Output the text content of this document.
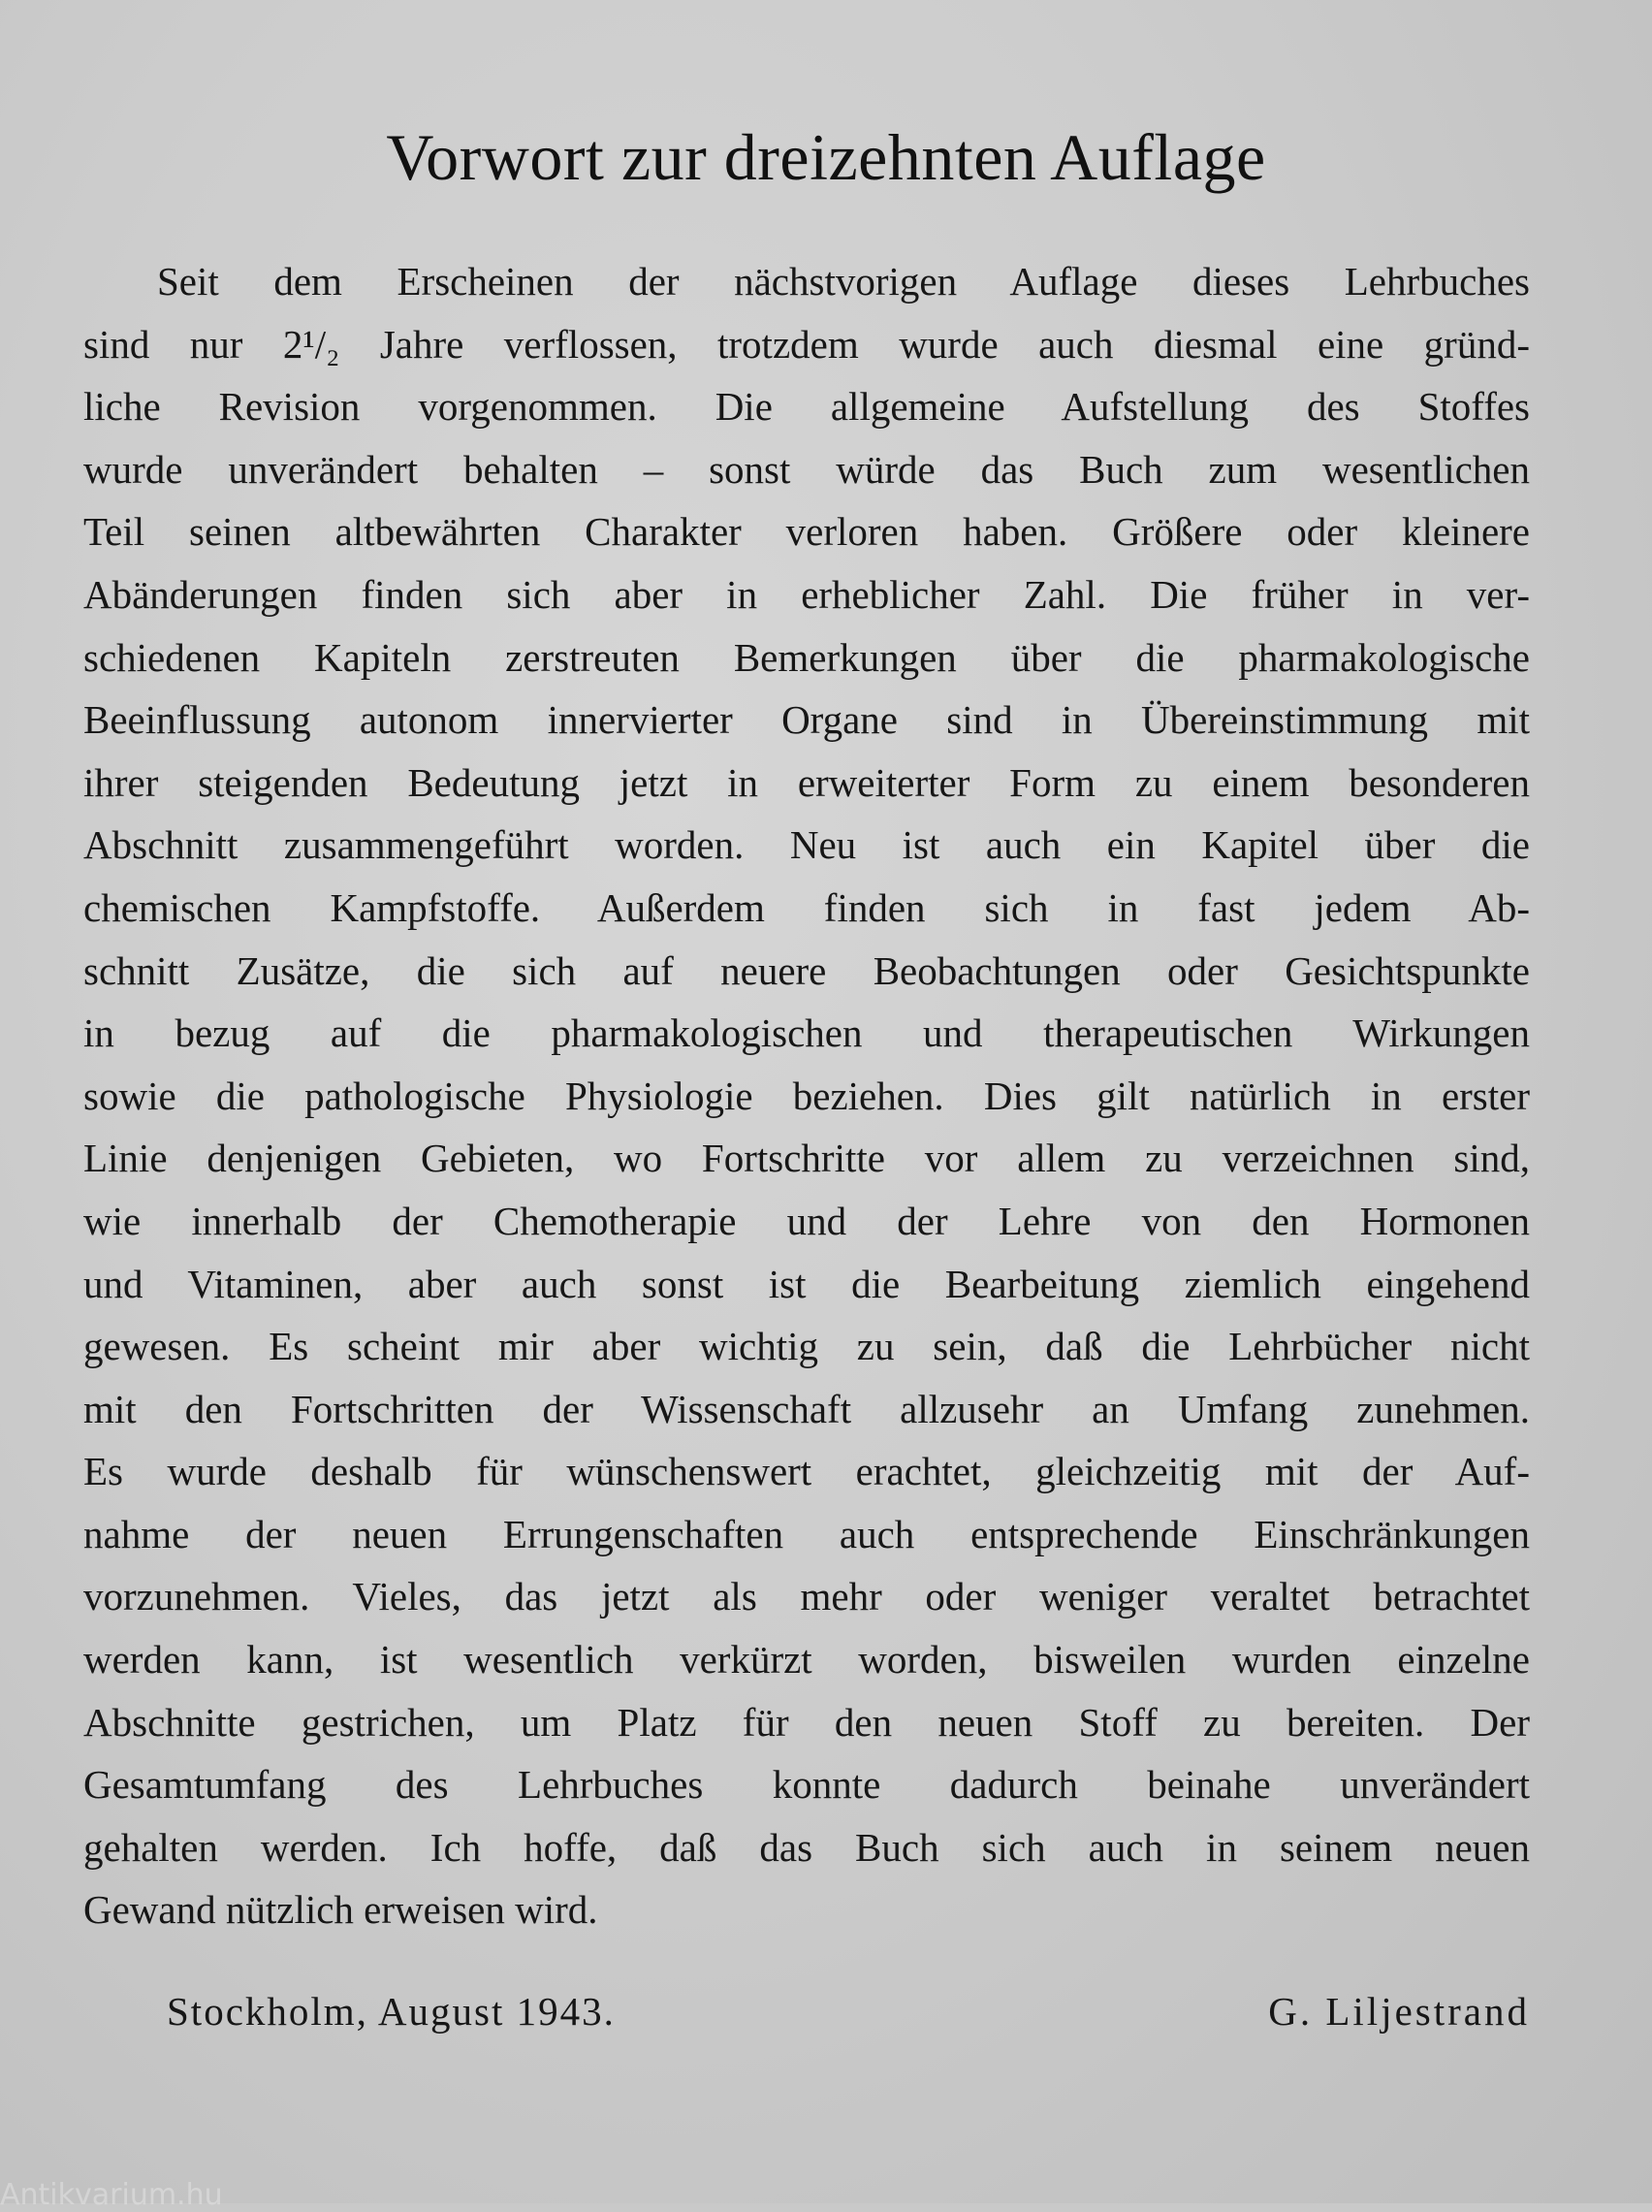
Vorwort zur dreizehnten Auflage
Seit dem Erscheinen der nächstvorigen Auflage dieses Lehrbuches
sind nur 2¹/₂ Jahre verflossen, trotzdem wurde auch diesmal eine gründ-
liche Revision vorgenommen. Die allgemeine Aufstellung des Stoffes
wurde unverändert behalten – sonst würde das Buch zum wesentlichen
Teil seinen altbewährten Charakter verloren haben. Größere oder kleinere
Abänderungen finden sich aber in erheblicher Zahl. Die früher in ver-
schiedenen Kapiteln zerstreuten Bemerkungen über die pharmakologische
Beeinflussung autonom innervierter Organe sind in Übereinstimmung mit
ihrer steigenden Bedeutung jetzt in erweiterter Form zu einem besonderen
Abschnitt zusammengeführt worden. Neu ist auch ein Kapitel über die
chemischen Kampfstoffe. Außerdem finden sich in fast jedem Ab-
schnitt Zusätze, die sich auf neuere Beobachtungen oder Gesichtspunkte
in bezug auf die pharmakologischen und therapeutischen Wirkungen
sowie die pathologische Physiologie beziehen. Dies gilt natürlich in erster
Linie denjenigen Gebieten, wo Fortschritte vor allem zu verzeichnen sind,
wie innerhalb der Chemotherapie und der Lehre von den Hormonen
und Vitaminen, aber auch sonst ist die Bearbeitung ziemlich eingehend
gewesen. Es scheint mir aber wichtig zu sein, daß die Lehrbücher nicht
mit den Fortschritten der Wissenschaft allzusehr an Umfang zunehmen.
Es wurde deshalb für wünschenswert erachtet, gleichzeitig mit der Auf-
nahme der neuen Errungenschaften auch entsprechende Einschränkungen
vorzunehmen. Vieles, das jetzt als mehr oder weniger veraltet betrachtet
werden kann, ist wesentlich verkürzt worden, bisweilen wurden einzelne
Abschnitte gestrichen, um Platz für den neuen Stoff zu bereiten. Der
Gesamtumfang des Lehrbuches konnte dadurch beinahe unverändert
gehalten werden. Ich hoffe, daß das Buch sich auch in seinem neuen
Gewand nützlich erweisen wird.
Stockholm, August 1943.	G. Liljestrand
Antikvarium.hu
